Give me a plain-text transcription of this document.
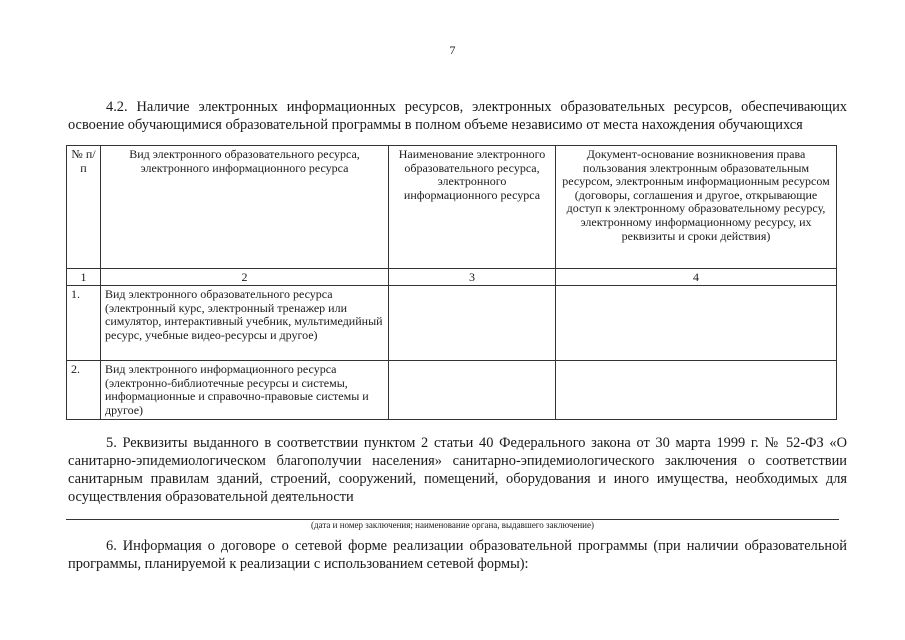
7
4.2. Наличие электронных информационных ресурсов, электронных образовательных ресурсов, обеспечивающих освоение обучающимися образовательной программы в полном объеме независимо от места нахождения обучающихся
№ п/п	Вид электронного образовательного ресурса, электронного информационного ресурса	Наименование электронного образовательного ресурса, электронного информационного ресурса	Документ-основание возникновения права пользования электронным образовательным ресурсом, электронным информационным ресурсом (договоры, соглашения и другое, открывающие доступ к электронному образовательному ресурсу, электронному информационному ресурсу, их реквизиты и сроки действия)
1	2	3	4
1.	Вид электронного образовательного ресурса (электронный курс, электронный тренажер или симулятор, интерактивный учебник, мультимедийный ресурс, учебные видео-ресурсы и другое)		
2.	Вид электронного информационного ресурса (электронно-библиотечные ресурсы и системы, информационные и справочно-правовые системы и другое)		
5. Реквизиты выданного в соответствии пунктом 2 статьи 40 Федерального закона от 30 марта 1999 г. № 52-ФЗ «О санитарно-эпидемиологическом благополучии населения» санитарно-эпидемиологического заключения о соответствии санитарным правилам зданий, строений, сооружений, помещений, оборудования и иного имущества, необходимых для осуществления образовательной деятельности
(дата и номер заключения; наименование органа, выдавшего заключение)
6. Информация о договоре о сетевой форме реализации образовательной программы (при наличии образовательной программы, планируемой к реализации с использованием сетевой формы):
